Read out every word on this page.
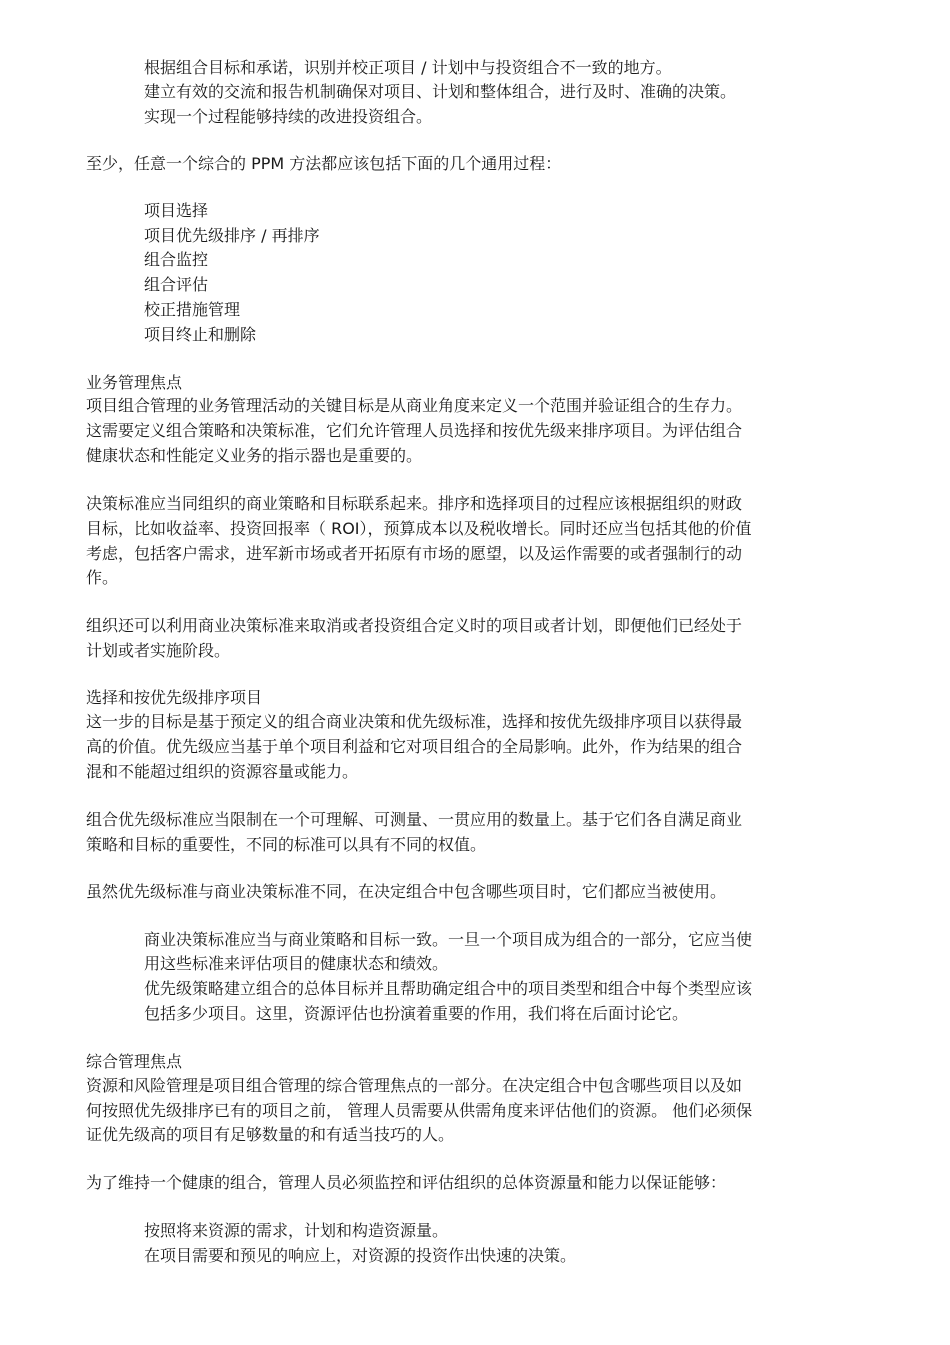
根据组合目标和承诺，识别并校正项目 / 计划中与投资组合不一致的地方。
建立有效的交流和报告机制确保对项目、计划和整体组合，进行及时、准确的决策。
实现一个过程能够持续的改进投资组合。
至少，任意一个综合的 PPM 方法都应该包括下面的几个通用过程：
项目选择
项目优先级排序 / 再排序
组合监控
组合评估
校正措施管理
项目终止和删除
业务管理焦点
项目组合管理的业务管理活动的关键目标是从商业角度来定义一个范围并验证组合的生存力。
这需要定义组合策略和决策标准，它们允许管理人员选择和按优先级来排序项目。为评估组合
健康状态和性能定义业务的指示器也是重要的。
决策标准应当同组织的商业策略和目标联系起来。排序和选择项目的过程应该根据组织的财政
目标，比如收益率、投资回报率（ ROI），预算成本以及税收增长。同时还应当包括其他的价值
考虑，包括客户需求，进军新市场或者开拓原有市场的愿望，以及运作需要的或者强制行的动
作。
组织还可以利用商业决策标准来取消或者投资组合定义时的项目或者计划，即便他们已经处于
计划或者实施阶段。
选择和按优先级排序项目
这一步的目标是基于预定义的组合商业决策和优先级标准，选择和按优先级排序项目以获得最
高的价值。优先级应当基于单个项目利益和它对项目组合的全局影响。此外，作为结果的组合
混和不能超过组织的资源容量或能力。
组合优先级标准应当限制在一个可理解、可测量、一贯应用的数量上。基于它们各自满足商业
策略和目标的重要性，不同的标准可以具有不同的权值。
虽然优先级标准与商业决策标准不同，在决定组合中包含哪些项目时，它们都应当被使用。
商业决策标准应当与商业策略和目标一致。一旦一个项目成为组合的一部分，它应当使
用这些标准来评估项目的健康状态和绩效。
优先级策略建立组合的总体目标并且帮助确定组合中的项目类型和组合中每个类型应该
包括多少项目。这里，资源评估也扮演着重要的作用，我们将在后面讨论它。
综合管理焦点
资源和风险管理是项目组合管理的综合管理焦点的一部分。在决定组合中包含哪些项目以及如
何按照优先级排序已有的项目之前， 管理人员需要从供需角度来评估他们的资源。 他们必须保
证优先级高的项目有足够数量的和有适当技巧的人。
为了维持一个健康的组合，管理人员必须监控和评估组织的总体资源量和能力以保证能够：
按照将来资源的需求，计划和构造资源量。
在项目需要和预见的响应上，对资源的投资作出快速的决策。
